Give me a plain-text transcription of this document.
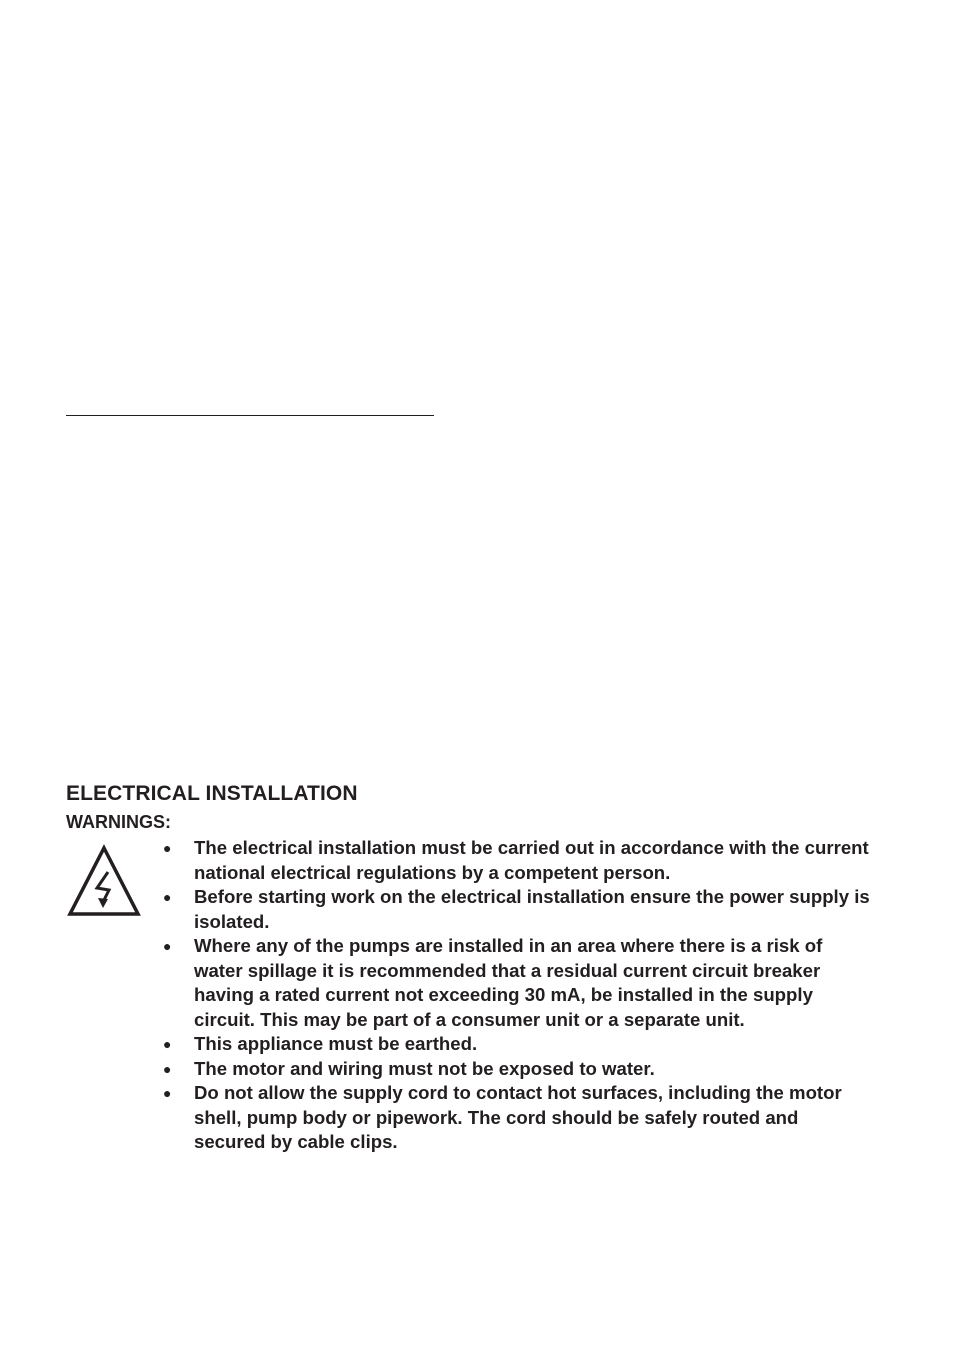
ELECTRICAL INSTALLATION
WARNINGS:
● The electrical installation must be carried out in accordance with the current national electrical regulations by a competent person.
● Before starting work on the electrical installation ensure the power supply is isolated.
● Where any of the pumps are installed in an area where there is a risk of water spillage it is recommended that a residual current circuit breaker having a rated current not exceeding 30 mA, be installed in the supply circuit. This may be part of a consumer unit or a separate unit.
● This appliance must be earthed.
● The motor and wiring must not be exposed to water.
● Do not allow the supply cord to contact hot surfaces, including the motor shell, pump body or pipework. The cord should be safely routed and secured by cable clips.
